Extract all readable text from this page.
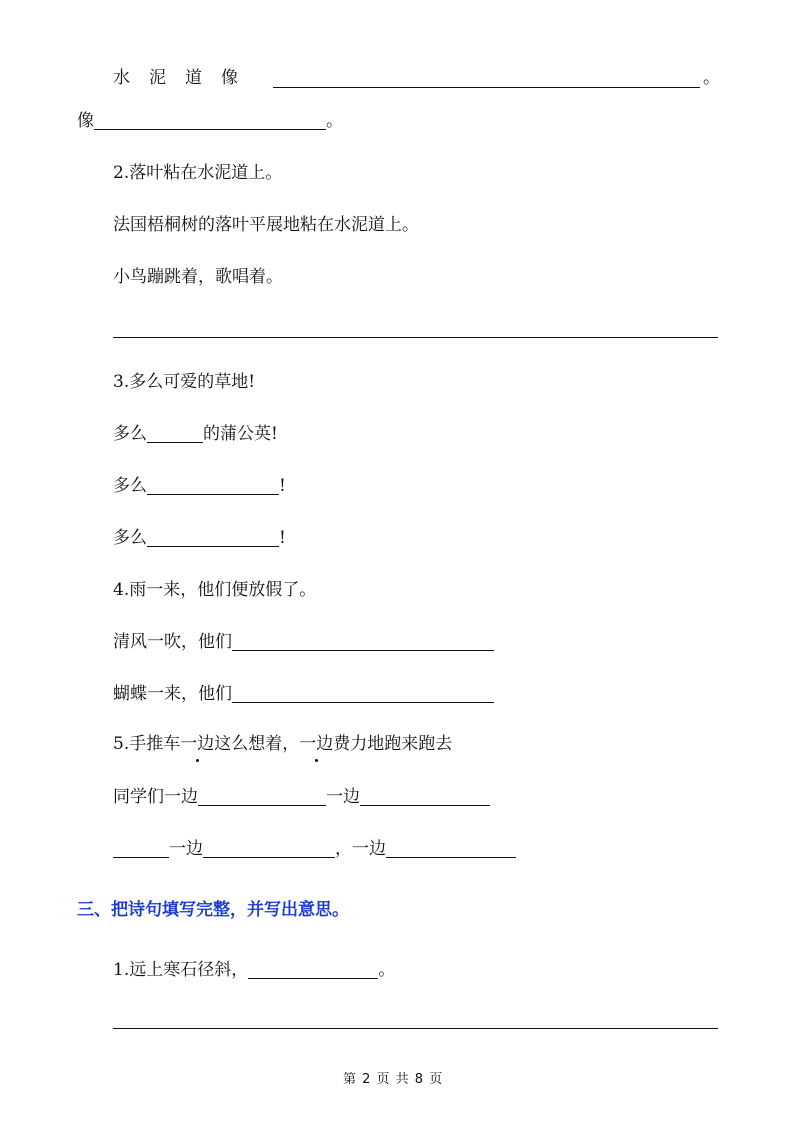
水 泥 道 像	。
像	。
2.落叶粘在水泥道上。
法国梧桐树的落叶平展地粘在水泥道上。
小鸟蹦跳着，歌唱着。
3.多么可爱的草地!
多么	的蒲公英!
多么	!
多么	!
4.雨一来，他们便放假了。
清风一吹，他们
蝴蝶一来，他们
5.手推车一边这么想着，一边费力地跑来跑去
同学们一边	一边
一边	，一边
三、把诗句填写完整，并写出意思。
1.远上寒石径斜，	。
第 2 页 共 8 页
